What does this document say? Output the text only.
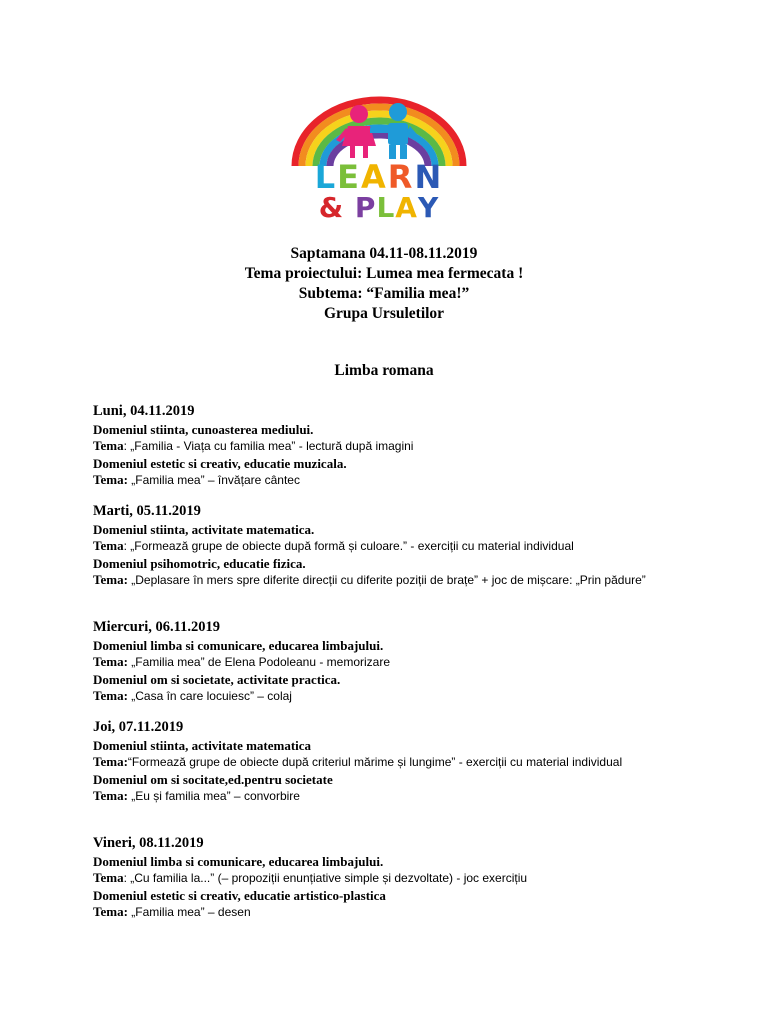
LEARN
& PLAY
Saptamana 04.11-08.11.2019
Tema proiectului: Lumea mea fermecata !
Subtema: “Familia mea!”
Grupa Ursuletilor
Limba romana
Luni, 04.11.2019
Domeniul stiinta, cunoasterea mediului.
Tema: „Familia - Viața cu familia mea” - lectură după imagini
Domeniul estetic si creativ, educatie muzicala.
Tema: „Familia mea” – învățare cântec
Marti, 05.11.2019
Domeniul stiinta, activitate matematica.
Tema: „Formează grupe de obiecte după formă și culoare.” - exerciții cu material individual
Domeniul psihomotric, educatie fizica.
Tema: „Deplasare în mers spre diferite direcții cu diferite poziții de brațe” + joc de mișcare: „Prin pădure”
Miercuri, 06.11.2019
Domeniul limba si comunicare, educarea limbajului.
Tema: „Familia mea” de Elena Podoleanu - memorizare
Domeniul om si societate, activitate practica.
Tema: „Casa în care locuiesc” – colaj
Joi, 07.11.2019
Domeniul stiinta, activitate matematica
Tema:“Formează grupe de obiecte după criteriul mărime și lungime” - exerciții cu material individual
Domeniul om si socitate,ed.pentru societate
Tema: „Eu și familia mea” – convorbire
Vineri, 08.11.2019
Domeniul limba si comunicare, educarea limbajului.
Tema: „Cu familia la...” (– propoziții enunțiative simple și dezvoltate) - joc exercițiu
Domeniul estetic si creativ, educatie artistico-plastica
Tema: „Familia mea” – desen
